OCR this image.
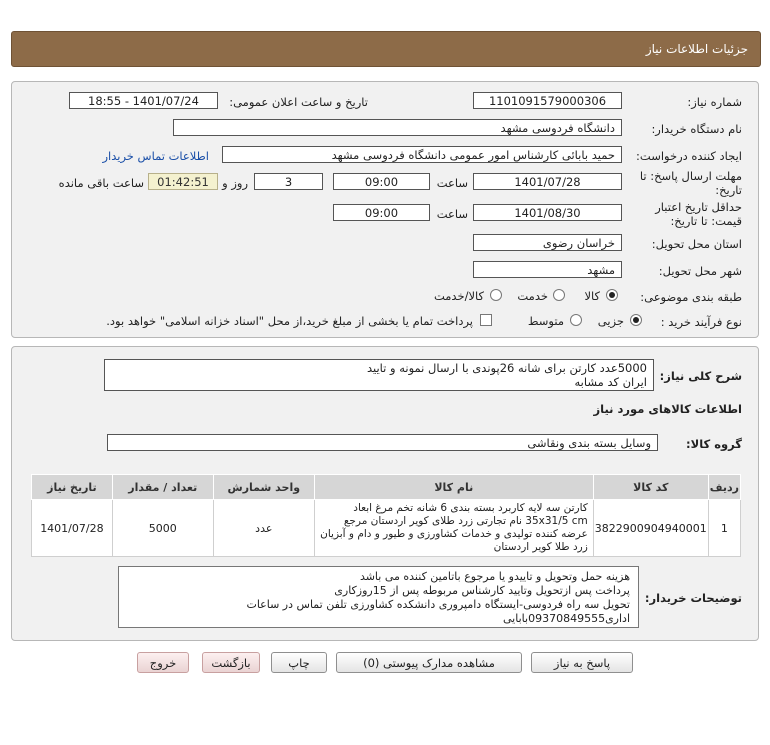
جزئیات اطلاعات نیاز
شماره نیاز:
1101091579000306
تاریخ و ساعت اعلان عمومی:
1401/07/24 - 18:55
نام دستگاه خریدار:
دانشگاه فردوسی مشهد
ایجاد کننده درخواست:
حمید بابائی کارشناس امور عمومی دانشگاه فردوسی مشهد
اطلاعات تماس خریدار
مهلت ارسال پاسخ: تا
تاریخ:
1401/07/28
ساعت
09:00
3
روز و
01:42:51
ساعت باقی مانده
حداقل تاریخ اعتبار
قیمت: تا تاریخ:
1401/08/30
ساعت
09:00
استان محل تحویل:
خراسان رضوی
شهر محل تحویل:
مشهد
طبقه بندی موضوعی:
کالا
خدمت
کالا/خدمت
نوع فرآیند خرید :
جزیی
متوسط
پرداخت تمام یا بخشی از مبلغ خرید،از محل "اسناد خزانه اسلامی" خواهد بود.
شرح کلی نیاز:
5000عدد کارتن برای شانه 26پوندی با ارسال نمونه و تایید
ایران کد مشابه
اطلاعات کالاهای مورد نیاز
گروه کالا:
وسایل بسته بندی ونقاشی
ردیف	کد کالا	نام کالا	واحد شمارش	تعداد / مقدار	تاریخ نیاز
1	3822900904940001	کارتن سه لایه کاربرد بسته بندی 6 شانه تخم مرغ ابعاد 35x31/5 cm نام تجارتی زرد طلای کویر اردستان مرجع عرضه کننده تولیدی و خدمات کشاورزی و طیور و دام و آبزیان زرد طلا کویر اردستان	عدد	5000	1401/07/28
توضیحات خریدار:
هزینه حمل وتحویل و تاییدو یا مرجوع باتامین کننده می باشد
پرداخت پس ازتحویل وتایید کارشناس مربوطه پس از 15روزکاری
تحویل سه راه فردوسی-ایستگاه دامپروری دانشکده کشاورزی تلفن تماس در ساعات
اداری09370849555بابایی
پاسخ به نیاز
مشاهده مدارک پیوستی (0)
چاپ
بازگشت
خروج
